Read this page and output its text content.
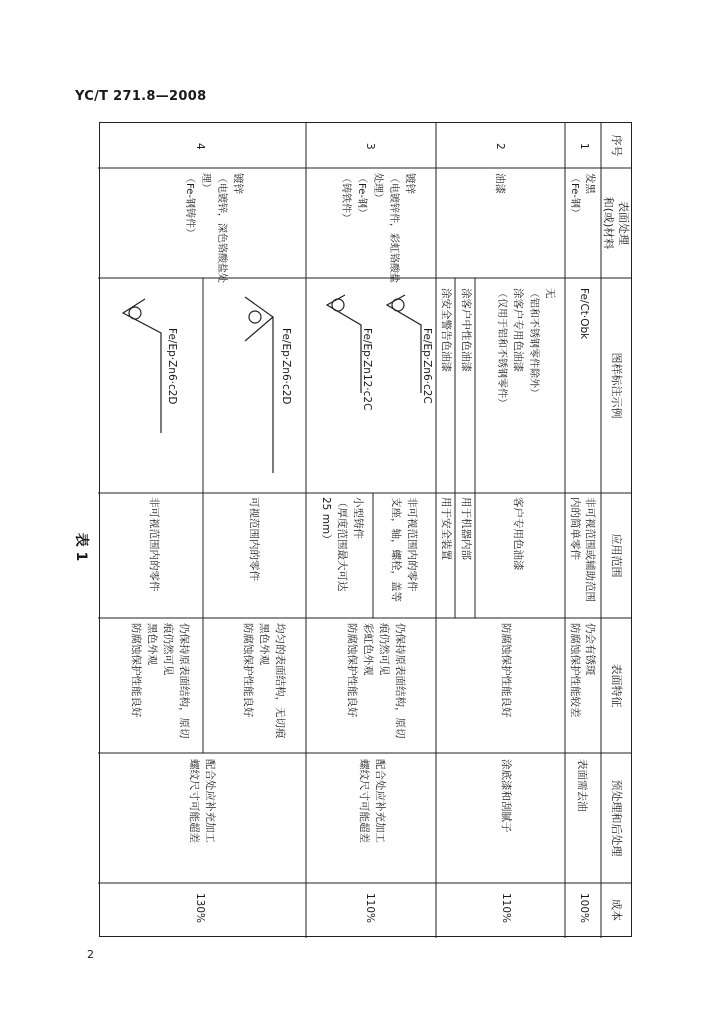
YC/T 271.8—2008
表 1
序号
表面处理
和(或)材料
图样标注示例
应用范围
表面特征
预处理和后处理
成本
1
发黑
（Fe-钢）
Fe/Ct·Obk
非可视范围或辅助范围
内的简单零件
仍会有锈斑
防腐蚀保护性能较差
表面需去油
100%
2
油漆
无
（铝和不锈钢零件除外）
涂客户专用色油漆
（仅用于铝和不锈钢零件）
涂客户中性色油漆
涂安全警告色油漆
客户专用色油漆
用于机器内部
用于安全装置
防腐蚀保护性能良好
涂底漆和刮腻子
110%
3
镀锌
（电镀锌件，彩虹铬酸盐
处理）
（Fe-钢）
（铸铁件）
Fe/Ep·Zn6·c2C
Fe/Ep·Zn12·c2C
非可视范围内的零件
支座，轴，螺栓，盖等
小型铸件
（厚度范围最大可达
25 mm）
仍保持原表面结构，原切
痕仍然可见
彩虹色外观
防腐蚀保护性能良好
配合处应补充加工
螺纹尺寸可能超差
110%
4
镀锌
（电镀锌，深色铬酸盐处
理）
（Fe-钢铸件）
Fe/Ep·Zn6·c2D
Fe/Ep·Zn6·c2D
可视范围内的零件
非可视范围内的零件
均匀的表面结构，无切痕
黑色外观
防腐蚀保护性能良好
仍保持原表面结构，原切
痕仍然可见
黑色外观
防腐蚀保护性能良好
配合处应补充加工
螺纹尺寸可能超差
130%
2
